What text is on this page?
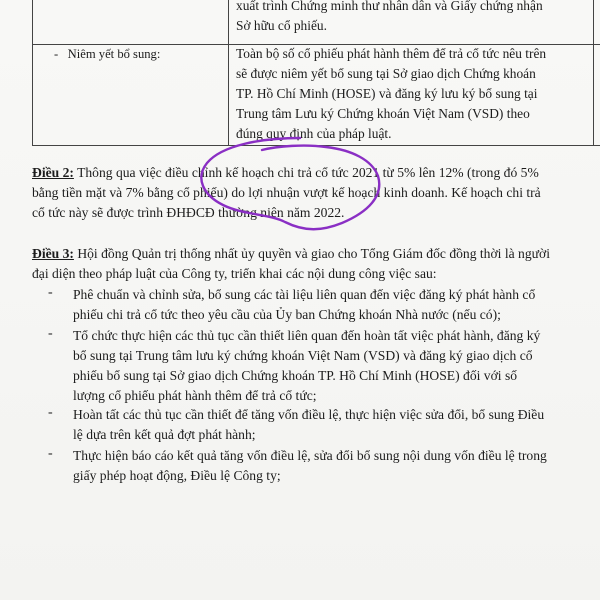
xuất trình Chứng minh thư nhân dân và Giấy chứng nhận
Sở hữu cổ phiếu.
- Niêm yết bổ sung:	Toàn bộ số cổ phiếu phát hành thêm để trả cổ tức nêu trên
sẽ được niêm yết bổ sung tại Sở giao dịch Chứng khoán
TP. Hồ Chí Minh (HOSE) và đăng ký lưu ký bổ sung tại
Trung tâm Lưu ký Chứng khoán Việt Nam (VSD) theo
đúng quy định của pháp luật.
Điều 2: Thông qua việc điều chỉnh kế hoạch chi trả cổ tức 2021 từ 5% lên 12% (trong đó 5%
bằng tiền mặt và 7% bằng cổ phiếu) do lợi nhuận vượt kế hoạch kinh doanh. Kế hoạch chi trả
cổ tức này sẽ được trình ĐHĐCĐ thường niên năm 2022.
Điều 3: Hội đồng Quản trị thống nhất ủy quyền và giao cho Tổng Giám đốc đồng thời là người
đại diện theo pháp luật của Công ty, triển khai các nội dung công việc sau:
- Phê chuẩn và chỉnh sửa, bổ sung các tài liệu liên quan đến việc đăng ký phát hành cổ
phiếu chi trả cổ tức theo yêu cầu của Ủy ban Chứng khoán Nhà nước (nếu có);
- Tổ chức thực hiện các thủ tục cần thiết liên quan đến hoàn tất việc phát hành, đăng ký
bổ sung tại Trung tâm lưu ký chứng khoán Việt Nam (VSD) và đăng ký giao dịch cổ
phiếu bổ sung tại Sở giao dịch Chứng khoán TP. Hồ Chí Minh (HOSE) đối với số
lượng cổ phiếu phát hành thêm để trả cổ tức;
- Hoàn tất các thủ tục cần thiết để tăng vốn điều lệ, thực hiện việc sửa đổi, bổ sung Điều
lệ dựa trên kết quả đợt phát hành;
- Thực hiện báo cáo kết quả tăng vốn điều lệ, sửa đổi bổ sung nội dung vốn điều lệ trong
giấy phép hoạt động, Điều lệ Công ty;
